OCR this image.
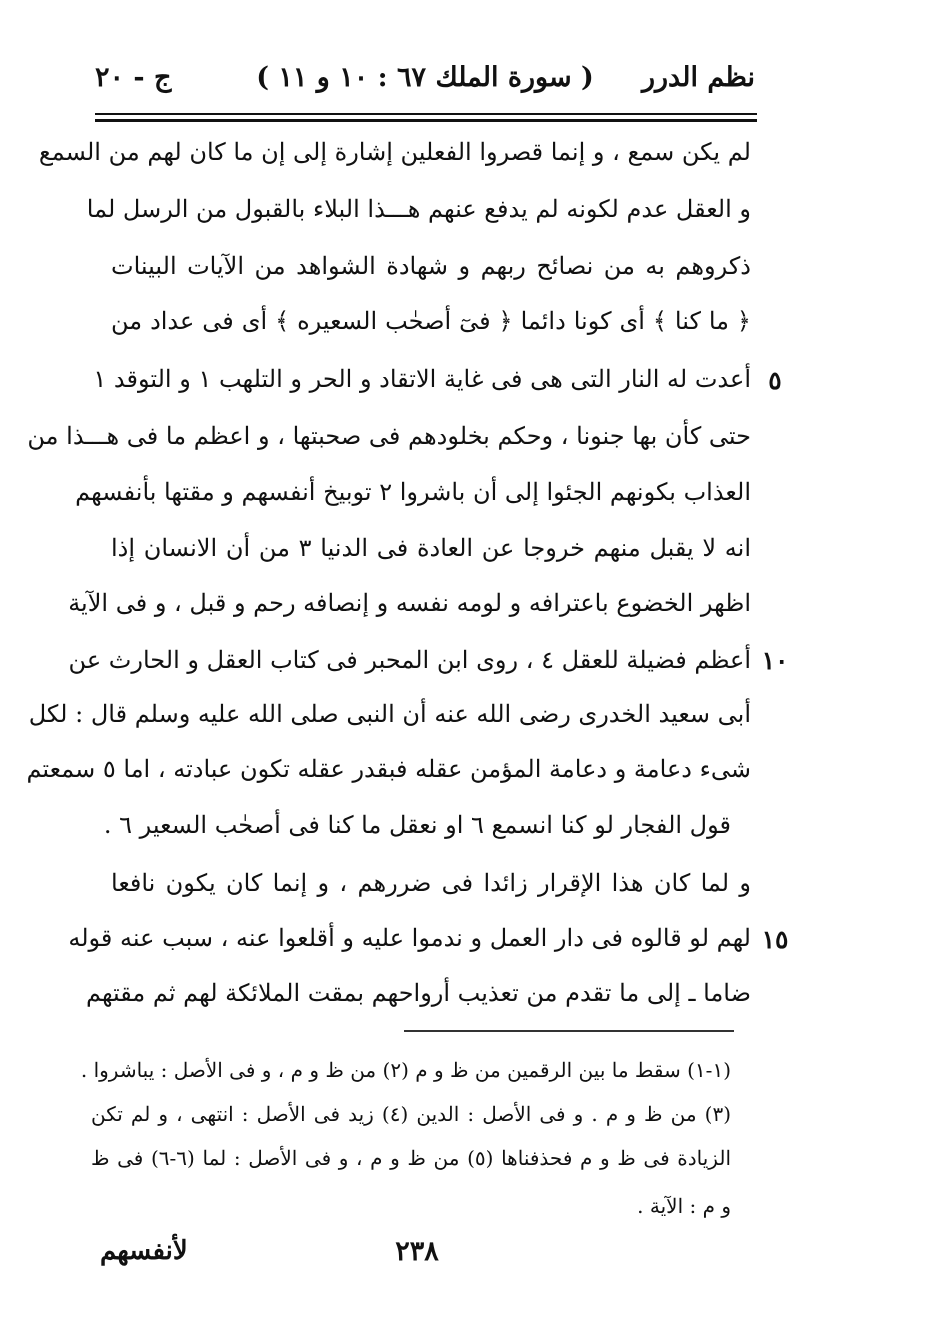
نظم الدرر
( سورة الملك ٦٧ : ١٠ و ١١ )
ج - ٢٠
لم يكن سمع ، و إنما قصروا الفعلين إشارة إلى إن ما كان لهم من السمع
و العقل عدم لكونه لم يدفع عنهم هـــذا البلاء بالقبول من الرسل لما
ذكروهم به من نصائح ربهم و شهادة الشواهد من الآيات البينات
﴿ ما كنا ﴾ أى كونا دائما ﴿ فىٓ أصحٰب السعيره ﴾ أى فى عداد من
أعدت له النار التى هى فى غاية الاتقاد و الحر و التلهب ١ و التوقد ١
حتى كأن بها جنونا ، وحكم بخلودهم فى صحبتها ، و اعظم ما فى هـــذا من
العذاب بكونهم الجئوا إلى أن باشروا ٢ توبيخ أنفسهم و مقتها بأنفسهم
انه لا يقبل منهم خروجا عن العادة فى الدنيا ٣ من أن الانسان إذا
اظهر الخضوع باعترافه و لومه نفسه و إنصافه رحم و قبل ، و فى الآية
أعظم فضيلة للعقل ٤ ، روى ابن المحبر فى كتاب العقل و الحارث عن
أبى سعيد الخدرى رضى الله عنه أن النبى صلى الله عليه وسلم قال : لكل
شىء دعامة و دعامة المؤمن عقله فبقدر عقله تكون عبادته ، اما ٥ سمعتم
قول الفجار لو كنا انسمع ٦ او نعقل ما كنا فى أصحٰب السعير ٦ .
و لما كان هذا الإقرار زائدا فى ضررهم ، و إنما كان يكون نافعا
لهم لو قالوه فى دار العمل و ندموا عليه و أقلعوا عنه ، سبب عنه قوله
ضاما ـ إلى ما تقدم من تعذيب أرواحهم بمقت الملائكة لهم ثم مقتهم
٥
١٠
١٥
(١-١) سقط ما بين الرقمين من ظ و م (٢) من ظ و م ، و فى الأصل : يباشروا .
(٣) من ظ و م . و فى الأصل : الدين (٤) زيد فى الأصل : انتهى ، و لم تكن
الزيادة فى ظ و م فحذفناها (٥) من ظ و م ، و فى الأصل : لما (٦-٦) فى ظ
و م : الآية .
٢٣٨
لأنفسهم
